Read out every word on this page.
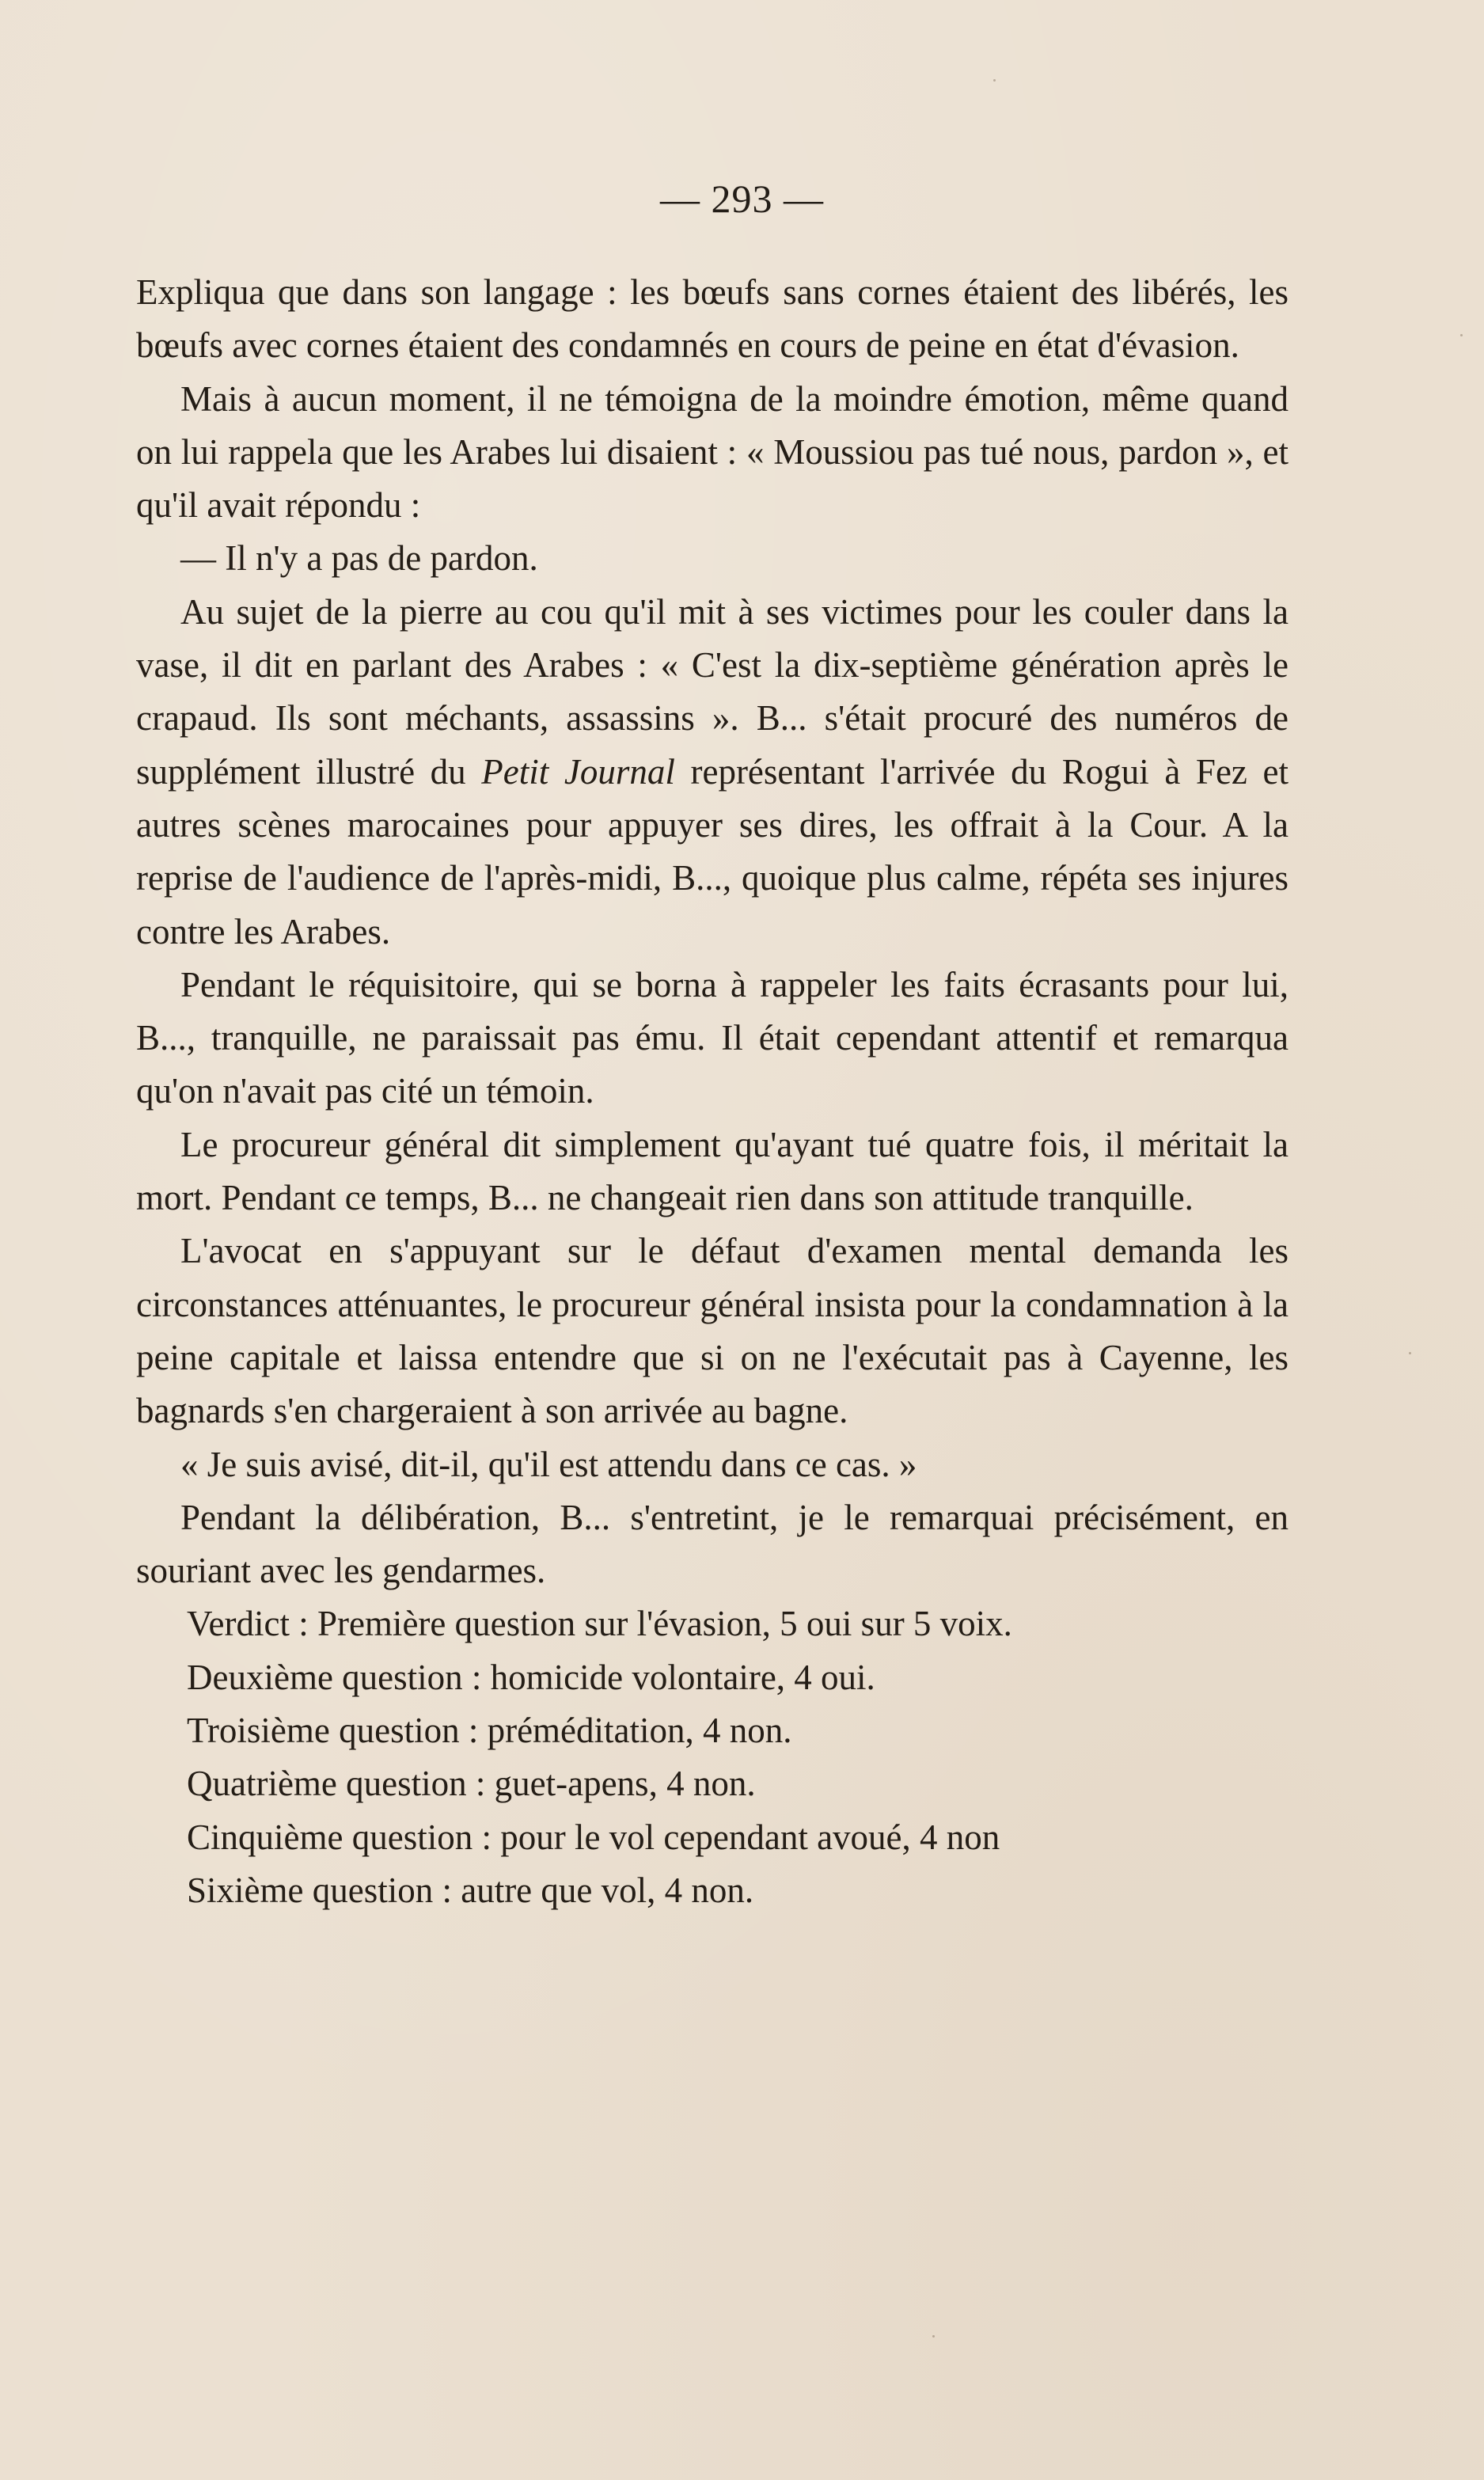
— 293 —

Expliqua que dans son langage : les bœufs sans cornes étaient des libérés, les bœufs avec cornes étaient des condamnés en cours de peine en état d'évasion.

Mais à aucun moment, il ne témoigna de la moindre émotion, même quand on lui rappela que les Arabes lui disaient : « Moussiou pas tué nous, pardon », et qu'il avait répondu :

— Il n'y a pas de pardon.

Au sujet de la pierre au cou qu'il mit à ses victimes pour les couler dans la vase, il dit en parlant des Arabes : « C'est la dix-septième génération après le crapaud. Ils sont méchants, assassins ». B... s'était procuré des numéros de supplément illustré du Petit Journal représentant l'arrivée du Rogui à Fez et autres scènes marocaines pour appuyer ses dires, les offrait à la Cour. A la reprise de l'audience de l'après-midi, B..., quoique plus calme, répéta ses injures contre les Arabes.

Pendant le réquisitoire, qui se borna à rappeler les faits écrasants pour lui, B..., tranquille, ne paraissait pas ému. Il était cependant attentif et remarqua qu'on n'avait pas cité un témoin.

Le procureur général dit simplement qu'ayant tué quatre fois, il méritait la mort. Pendant ce temps, B... ne changeait rien dans son attitude tranquille.

L'avocat en s'appuyant sur le défaut d'examen mental demanda les circonstances atténuantes, le procureur général insista pour la condamnation à la peine capitale et laissa entendre que si on ne l'exécutait pas à Cayenne, les bagnards s'en chargeraient à son arrivée au bagne.

« Je suis avisé, dit-il, qu'il est attendu dans ce cas. »

Pendant la délibération, B... s'entretint, je le remarquai précisément, en souriant avec les gendarmes.

Verdict : Première question sur l'évasion, 5 oui sur 5 voix.

Deuxième question : homicide volontaire, 4 oui.

Troisième question : préméditation, 4 non.

Quatrième question : guet-apens, 4 non.

Cinquième question : pour le vol cependant avoué, 4 non

Sixième question : autre que vol, 4 non.
